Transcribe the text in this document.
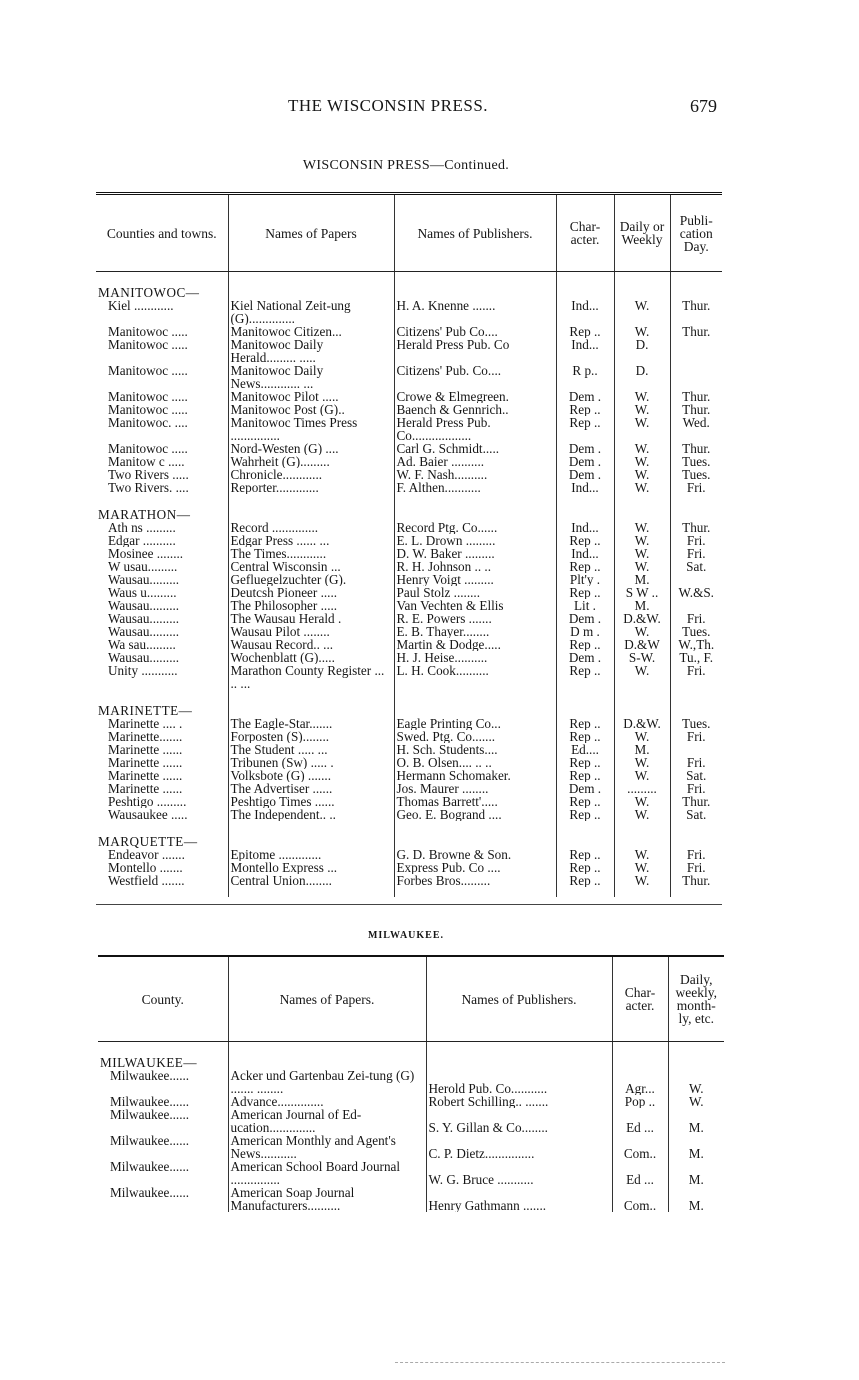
THE WISCONSIN PRESS.	679
WISCONSIN PRESS—Continued.
Counties and towns.	Names of Papers	Names of Publishers.	Char-acter.	Daily or Weekly	Publi-cation Day.
MANITOWOC—					
Kiel ............	Kiel National Zeit-ung (G)..............	H. A. Knenne .......	Ind...	W.	Thur.
Manitowoc .....	Manitowoc Citizen...	Citizens' Pub Co....	Rep ..	W.	Thur.
Manitowoc .....	Manitowoc Daily Herald......... .....	Herald Press Pub. Co	Ind...	D.	
Manitowoc .....	Manitowoc Daily News............ ...	Citizens' Pub. Co....	R p..	D.	
Manitowoc .....	Manitowoc Pilot .....	Crowe & Elmegreen.	Dem .	W.	Thur.
Manitowoc .....	Manitowoc Post (G)..	Baench & Gennrich..	Rep ..	W.	Thur.
Manitowoc. ....	Manitowoc Times Press ...............	Herald Press Pub. Co..................	Rep ..	W.	Wed.
Manitowoc .....	Nord-Westen (G) ....	Carl G. Schmidt.....	Dem .	W.	Thur.
Manitow c .....	Wahrheit (G).........	Ad. Baier ..........	Dem .	W.	Tues.
Two Rivers .....	Chronicle............	W. F. Nash..........	Dem .	W.	Tues.
Two Rivers. ....	Reporter.............	F. Althen...........	Ind...	W.	Fri.
MARATHON—					
Ath ns .........	Record ..............	Record Ptg. Co......	Ind...	W.	Thur.
Edgar ..........	Edgar Press ...... ...	E. L. Drown .........	Rep ..	W.	Fri.
Mosinee ........	The Times............	D. W. Baker .........	Ind...	W.	Fri.
W usau.........	Central Wisconsin ...	R. H. Johnson .. ..	Rep ..	W.	Sat.
Wausau.........	Gefluegelzuchter (G).	Henry Voigt .........	Plt'y .	M.	
Waus u.........	Deutcsh Pioneer .....	Paul Stolz ........	Rep ..	S W ..	W.&S.
Wausau.........	The Philosopher .....	Van Vechten & Ellis	Lit .	M.	
Wausau.........	The Wausau Herald .	R. E. Powers .......	Dem .	D.&W.	Fri.
Wausau.........	Wausau Pilot ........	E. B. Thayer........	D m .	W.	Tues.
Wa sau.........	Wausau Record.. ...	Martin & Dodge.....	Rep ..	D.&W	W.,Th.
Wausau.........	Wochenblatt (G).....	H. J. Heise..........	Dem .	S-W.	Tu., F.
Unity ...........	Marathon County Register ... .. ...	L. H. Cook..........	Rep ..	W.	Fri.
MARINETTE—					
Marinette .... .	The Eagle-Star.......	Eagle Printing Co...	Rep ..	D.&W.	Tues.
Marinette.......	Forposten (S)........	Swed. Ptg. Co.......	Rep ..	W.	Fri.
Marinette ......	The Student ..... ...	H. Sch. Students....	Ed....	M.	
Marinette ......	Tribunen (Sw) ..... .	O. B. Olsen.... .. ..	Rep ..	W.	Fri.
Marinette ......	Volksbote (G) .......	Hermann Schomaker.	Rep ..	W.	Sat.
Marinette ......	The Advertiser ......	Jos. Maurer ........	Dem .	.........	Fri.
Peshtigo .........	Peshtigo Times ......	Thomas Barrett'.....	Rep ..	W.	Thur.
Wausaukee .....	The Independent.. ..	Geo. E. Bogrand ....	Rep ..	W.	Sat.
MARQUETTE—					
Endeavor .......	Epitome .............	G. D. Browne & Son.	Rep ..	W.	Fri.
Montello .......	Montello Express ...	Express Pub. Co ....	Rep ..	W.	Fri.
Westfield .......	Central Union........	Forbes Bros.........	Rep ..	W.	Thur.

MILWAUKEE.
County.	Names of Papers.	Names of Publishers.	Char-acter.	Daily, weekly, month-ly, etc.
MILWAUKEE—				
Milwaukee......	Acker und Gartenbau Zei-tung (G) ....... ........	Herold Pub. Co...........	Agr...	W.
Milwaukee......	Advance..............	Robert Schilling.. .......	Pop ..	W.
Milwaukee......	American Journal of Ed-ucation..............	S. Y. Gillan & Co........	Ed ...	M.
Milwaukee......	American Monthly and Agent's News...........	C. P. Dietz...............	Com..	M.
Milwaukee......	American School Board Journal ...............	W. G. Bruce ...........	Ed ...	M.
Milwaukee......	American Soap Journal Manufacturers..........	Henry Gathmann .......	Com..	M.
